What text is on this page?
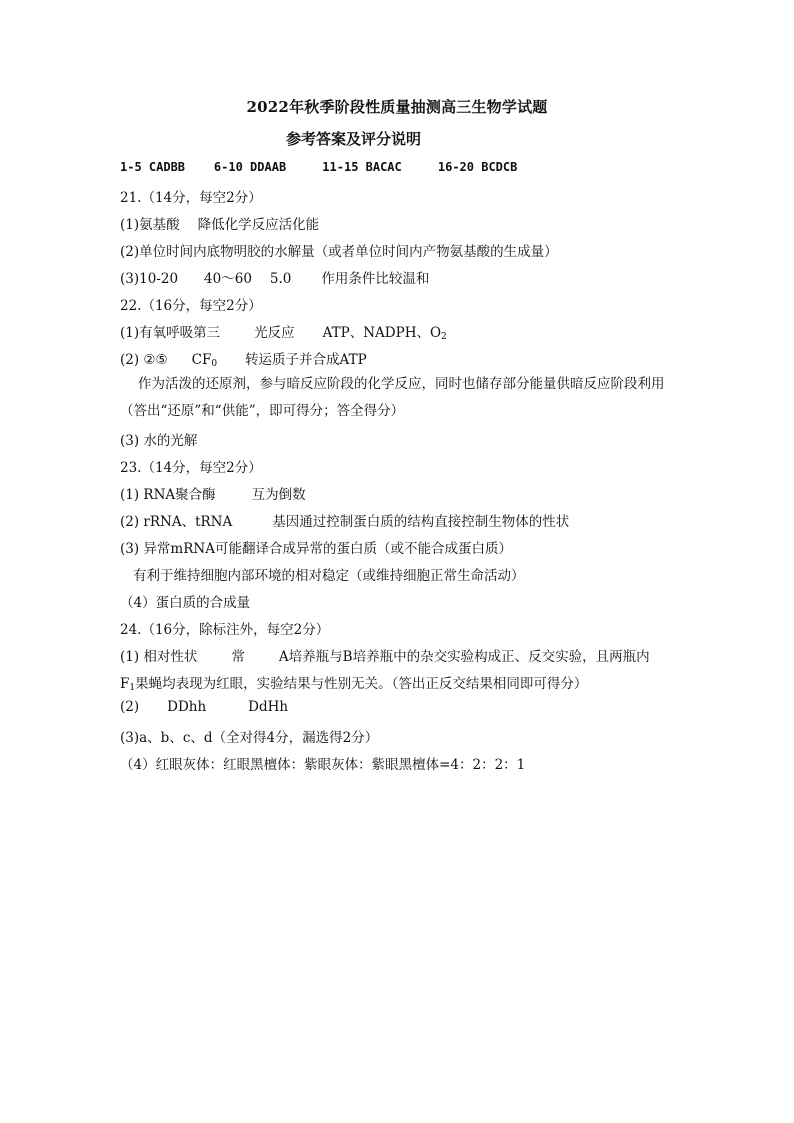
2022年秋季阶段性质量抽测高三生物学试题
参考答案及评分说明
1-5 CADBB    6-10 DDAAB     11-15 BACAC     16-20 BCDCB
21.（14分，每空2分）
(1)氨基酸 降低化学反应活化能
(2)单位时间内底物明胶的水解量（或者单位时间内产物氨基酸的生成量）
(3)10-20 40～60 5.0 作用条件比较温和
22.（16分，每空2分）
(1)有氧呼吸第三	光反应 ATP、NADPH、$O_2$
(2) ②⑤ $CF_0$ 转运质子并合成ATP
作为活泼的还原剂，参与暗反应阶段的化学反应，同时也储存部分能量供暗反应阶段利用（答出“还原”和“供能”，即可得分；答全得分）
(3) 水的光解
23.（14分，每空2分）
(1) RNA聚合酶	互为倒数
(2) rRNA、tRNA	基因通过控制蛋白质的结构直接控制生物体的性状
(3) 异常mRNA可能翻译合成异常的蛋白质（或不能合成蛋白质）
有利于维持细胞内部环境的相对稳定（或维持细胞正常生命活动）
（4）蛋白质的合成量
24.（16分，除标注外，每空2分）
(1) 相对性状	常	A培养瓶与B培养瓶中的杂交实验构成正、反交实验，且两瓶内
$F_1$果蝇均表现为红眼，实验结果与性别无关。（答出正反交结果相同即可得分）
(2) DDhh	DdHh
(3)a、b、c、d（全对得4分，漏选得2分）
（4）红眼灰体：红眼黑檀体：紫眼灰体：紫眼黑檀体=4：2：2：1
